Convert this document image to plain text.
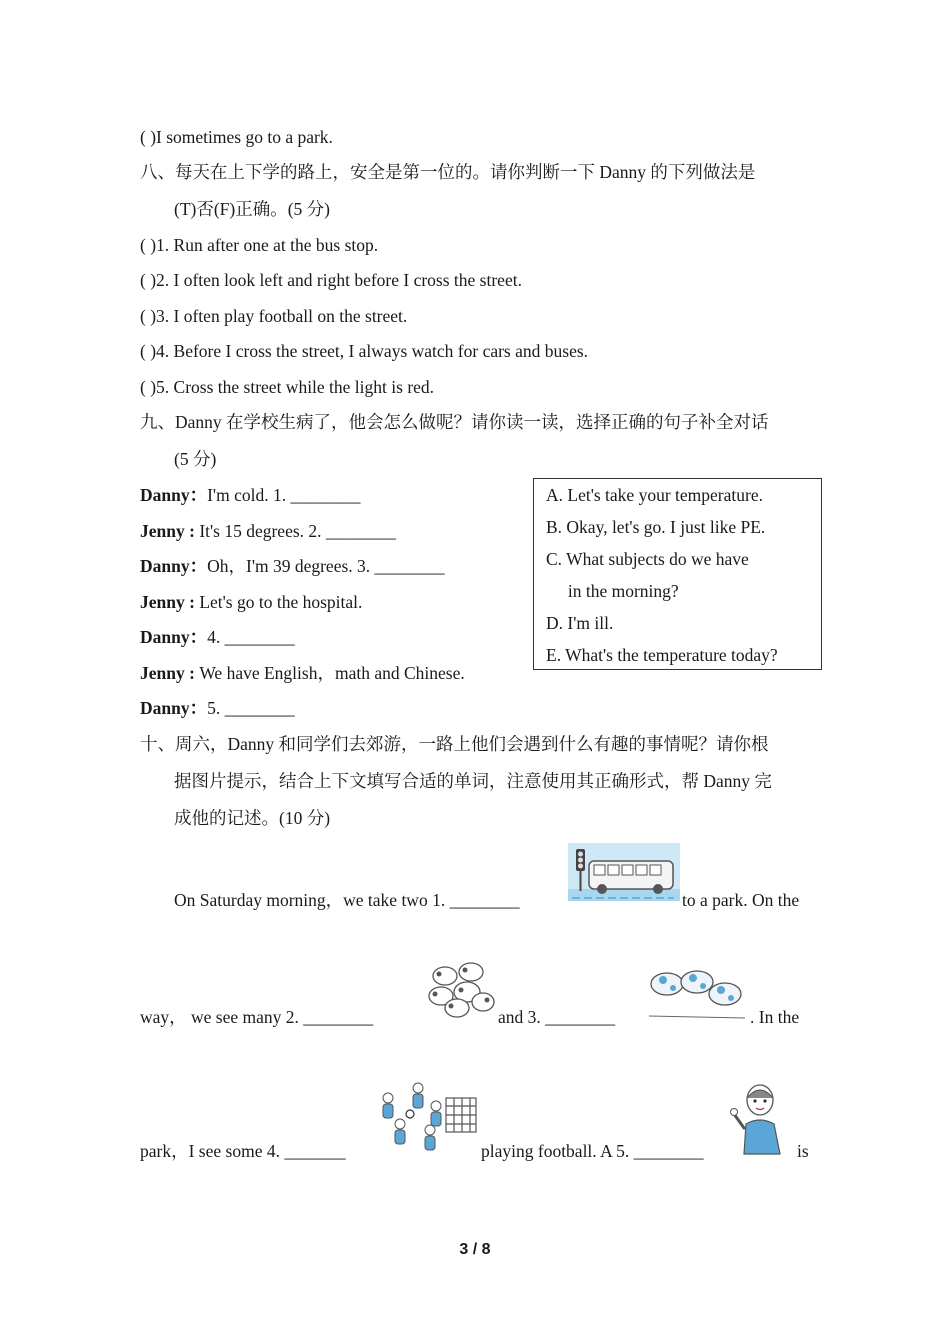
( )I sometimes go to a park.
八、每天在上下学的路上，安全是第一位的。请你判断一下 Danny 的下列做法是
(T)否(F)正确。(5 分)
( )1. Run after one at the bus stop.
( )2. I often look left and right before I cross the street.
( )3. I often play football on the street.
( )4. Before I cross the street, I always watch for cars and buses.
( )5. Cross the street while the light is red.
九、Danny 在学校生病了，他会怎么做呢？请你读一读，选择正确的句子补全对话
(5 分)
Danny：I'm cold. 1. ________
Jenny : It's 15 degrees. 2. ________
Danny：Oh，I'm 39 degrees. 3. ________
Jenny : Let's go to the hospital.
Danny：4. ________
Jenny : We have English，math and Chinese.
Danny：5. ________
A. Let's take your temperature.
B. Okay, let's go. I just like PE.
C. What subjects do we have
in the morning?
D. I'm ill.
E. What's the temperature today?
十、周六，Danny 和同学们去郊游，一路上他们会遇到什么有趣的事情呢？请你根
据图片提示，结合上下文填写合适的单词，注意使用其正确形式，帮 Danny 完
成他的记述。(10 分)
On Saturday morning，we take two 1. ________	to a park. On the
way， we see many 2. ________	and 3. ________	. In the
park，I see some 4. _______	playing football. A 5. ________	is
3 / 8
